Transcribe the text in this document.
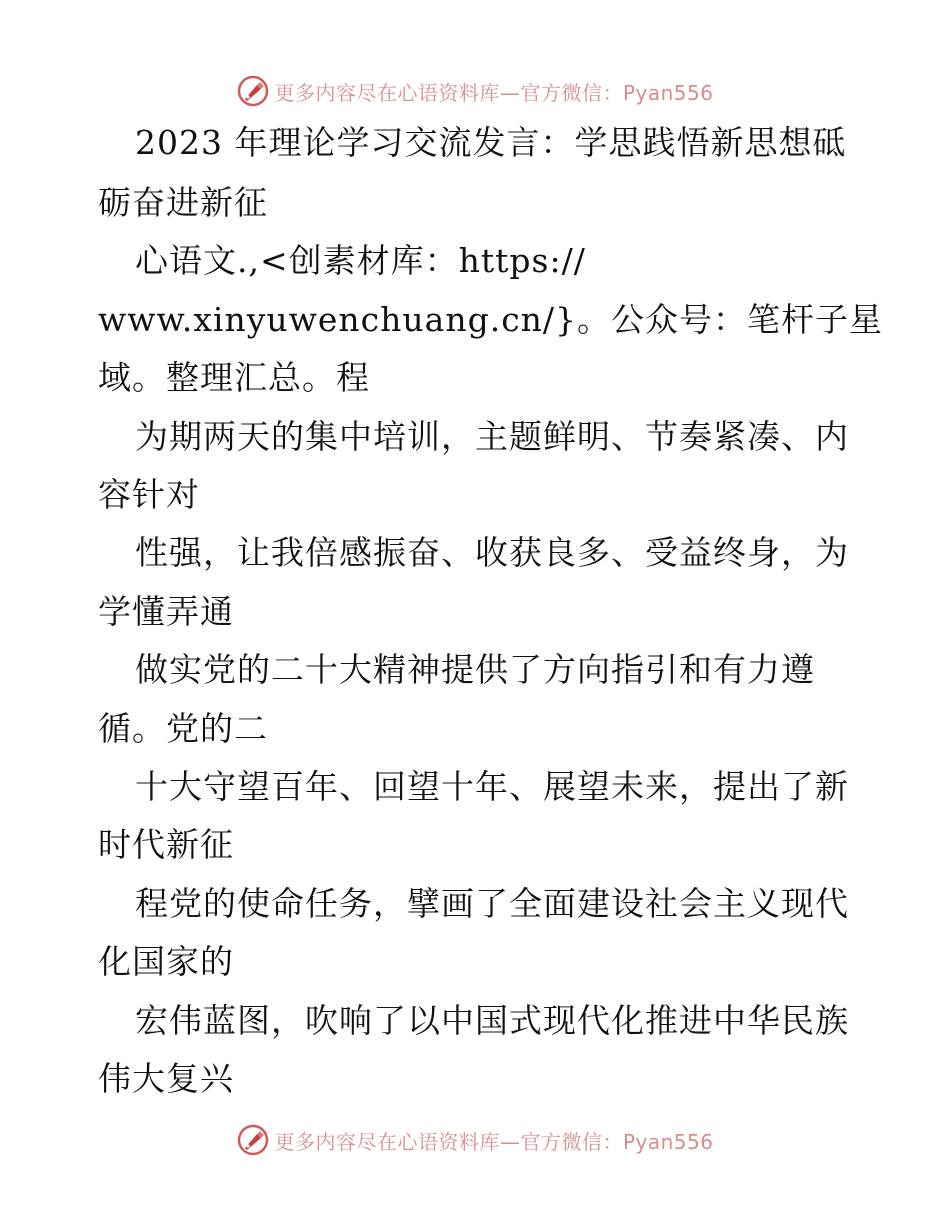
更多内容尽在心语资料库—官方微信：Pyan556
2023 年理论学习交流发言：学思践悟新思想砥
砺奋进新征
心语文.,<创素材库：https://
www.xinyuwenchuang.cn/}。公众号：笔杆子星
域。整理汇总。程
为期两天的集中培训，主题鲜明、节奏紧凑、内
容针对
性强，让我倍感振奋、收获良多、受益终身，为
学懂弄通
做实党的二十大精神提供了方向指引和有力遵
循。党的二
十大守望百年、回望十年、展望未来，提出了新
时代新征
程党的使命任务，擘画了全面建设社会主义现代
化国家的
宏伟蓝图，吹响了以中国式现代化推进中华民族
伟大复兴
更多内容尽在心语资料库—官方微信：Pyan556
